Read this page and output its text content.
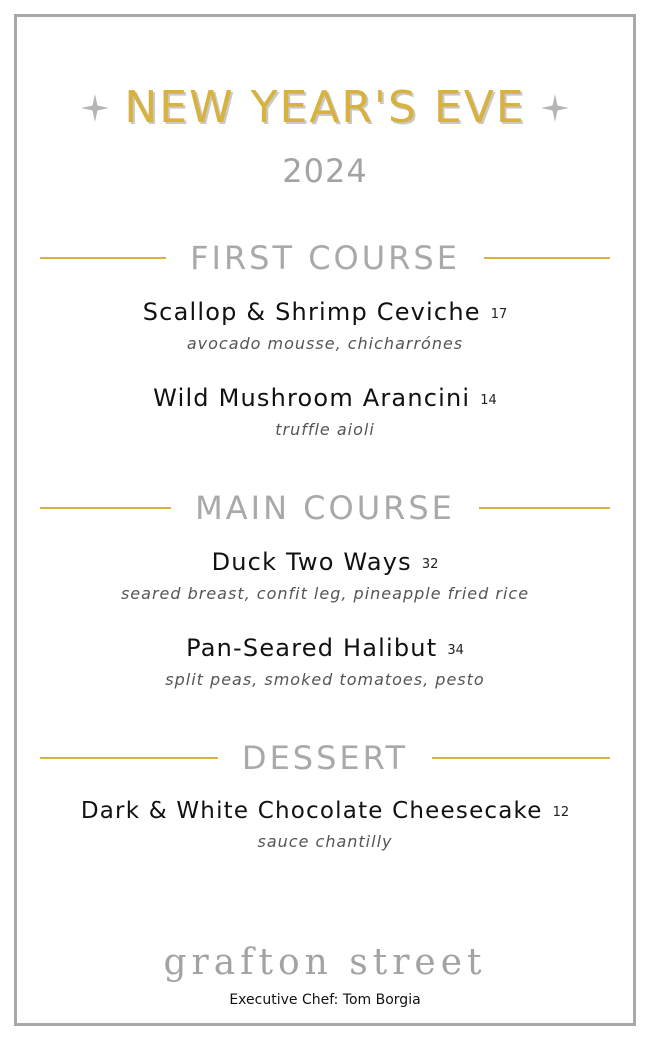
NEW YEAR'S EVE
2024
FIRST COURSE
Scallop & Shrimp Ceviche 17
avocado mousse, chicharrónes
Wild Mushroom Arancini 14
truffle aioli
MAIN COURSE
Duck Two Ways 32
seared breast, confit leg, pineapple fried rice
Pan-Seared Halibut 34
split peas, smoked tomatoes, pesto
DESSERT
Dark & White Chocolate Cheesecake 12
sauce chantilly
grafton street
Executive Chef: Tom Borgia
